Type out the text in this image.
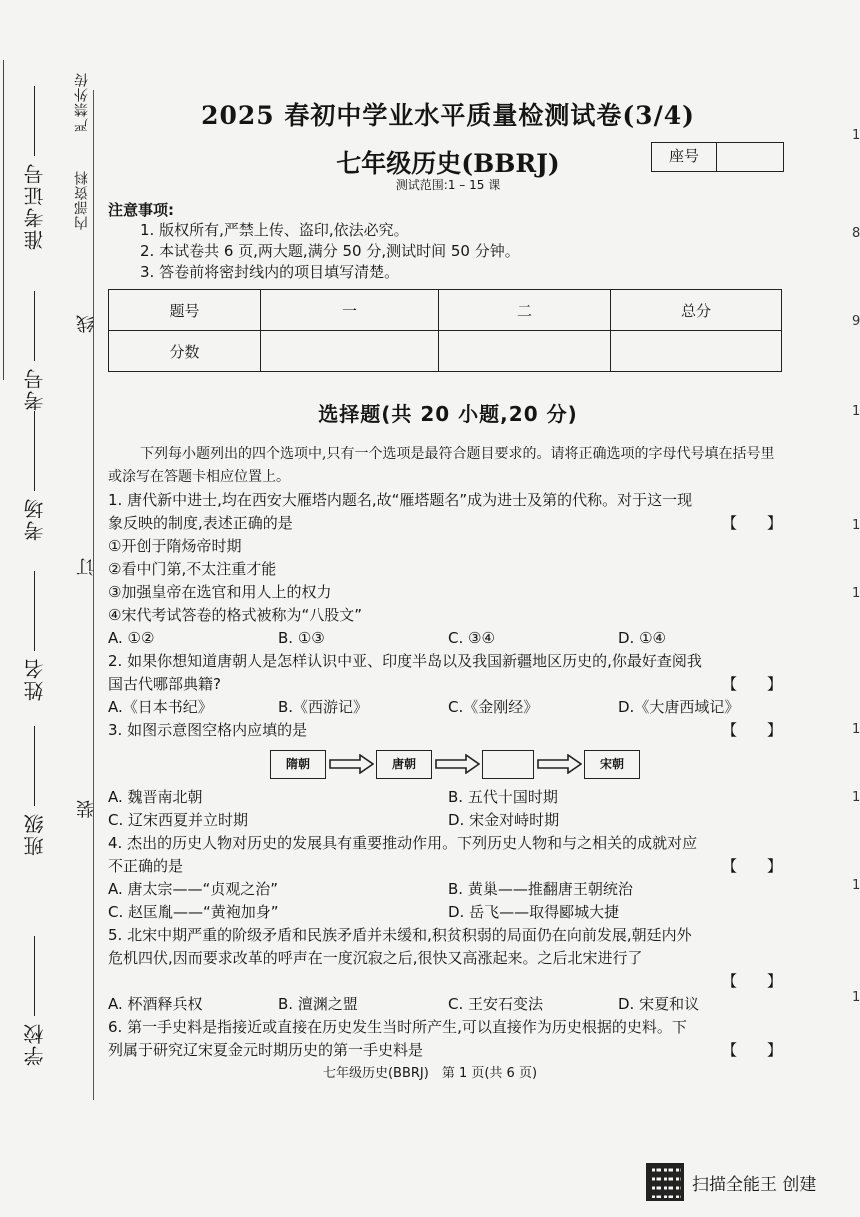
学校
班级
姓名
考场
考号
准考证号 内部资料
严禁外传
线
订
装
1
8
9
1
1
1
1
1
1
1
2025 春初中学业水平质量检测试卷(3/4)
七年级历史(BBRJ)	座号
测试范围:1 – 15 课
注意事项:
1. 版权所有,严禁上传、盗印,依法必究。
2. 本试卷共 6 页,两大题,满分 50 分,测试时间 50 分钟。
3. 答卷前将密封线内的项目填写清楚。
题号	一	二	总分
分数			
选择题(共 20 小题,20 分)
下列每小题列出的四个选项中,只有一个选项是最符合题目要求的。请将正确选项的字母代号填在括号里或涂写在答题卡相应位置上。
1. 唐代新中进士,均在西安大雁塔内题名,故“雁塔题名”成为进士及第的代称。对于这一现
象反映的制度,表述正确的是	【　　】
①开创于隋炀帝时期
②看中门第,不太注重才能
③加强皇帝在选官和用人上的权力
④宋代考试答卷的格式被称为“八股文”
A. ①②	B. ①③	C. ③④	D. ①④
2. 如果你想知道唐朝人是怎样认识中亚、印度半岛以及我国新疆地区历史的,你最好查阅我
国古代哪部典籍?	【　　】
A.《日本书纪》	B.《西游记》	C.《金刚经》	D.《大唐西域记》
3. 如图示意图空格内应填的是	【　　】
隋朝	唐朝	宋朝
A. 魏晋南北朝	B. 五代十国时期
C. 辽宋西夏并立时期	D. 宋金对峙时期
4. 杰出的历史人物对历史的发展具有重要推动作用。下列历史人物和与之相关的成就对应
不正确的是	【　　】
A. 唐太宗——“贞观之治”	B. 黄巢——推翻唐王朝统治
C. 赵匡胤——“黄袍加身”	D. 岳飞——取得郾城大捷
5. 北宋中期严重的阶级矛盾和民族矛盾并未缓和,积贫积弱的局面仍在向前发展,朝廷内外
危机四伏,因而要求改革的呼声在一度沉寂之后,很快又高涨起来。之后北宋进行了
【　　】
A. 杯酒释兵权	B. 澶渊之盟	C. 王安石变法	D. 宋夏和议
6. 第一手史料是指接近或直接在历史发生当时所产生,可以直接作为历史根据的史料。下
列属于研究辽宋夏金元时期历史的第一手史料是	【　　】
七年级历史(BBRJ)　第 1 页(共 6 页)
扫描全能王 创建
